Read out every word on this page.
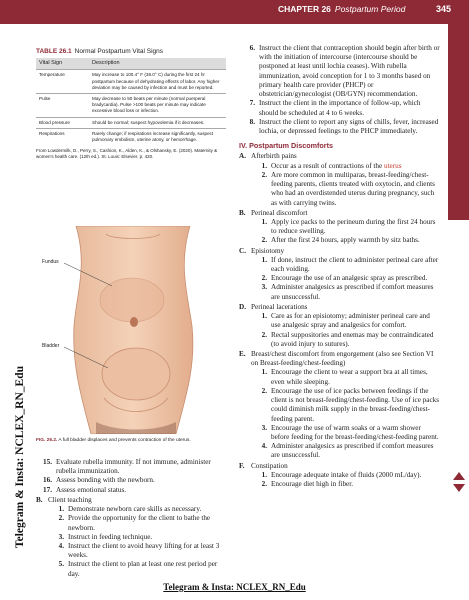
CHAPTER 26 Postpartum Period	345
Maternity
TABLE 26.1 Normal Postpartum Vital Signs
Vital Sign	Description
Temperature	May increase to 100.4° F (38.0° C) during the first 24 hr postpartum because of dehydrating effects of labor. Any higher deviation may be caused by infection and must be reported.
Pulse	May decrease to 50 beats per minute (normal puerperal bradycardia). Pulse >100 beats per minute may indicate excessive blood loss or infection.
Blood pressure	Should be normal; suspect hypovolemia if it decreases.
Respirations	Rarely change; if respirations increase significantly, suspect pulmonary embolism, uterine atony, or hemorrhage.
From Lowdermilk, D., Perry, S., Cashion, K., Alden, K., & Olshansky, E. (2020). Maternity & women's health care. (12th ed.). St. Louis: Elsevier. p. 420.
Fundus
Bladder
FIG. 26.2. A full bladder displaces and prevents contraction of the uterus.
15. Evaluate rubella immunity. If not immune, administer rubella immunization.
16. Assess bonding with the newborn.
17. Assess emotional status.
B. Client teaching
1. Demonstrate newborn care skills as necessary.
2. Provide the opportunity for the client to bathe the newborn.
3. Instruct in feeding technique.
4. Instruct the client to avoid heavy lifting for at least 3 weeks.
5. Instruct the client to plan at least one rest period per day.
6. Instruct the client that contraception should begin after birth or with the initiation of intercourse (intercourse should be postponed at least until lochia ceases). With rubella immunization, avoid conception for 1 to 3 months based on primary health care provider (PHCP) or obstetrician/gynecologist (OB/GYN) recommendation.
7. Instruct the client in the importance of follow-up, which should be scheduled at 4 to 6 weeks.
8. Instruct the client to report any signs of chills, fever, increased lochia, or depressed feelings to the PHCP immediately.
IV. Postpartum Discomforts
A. Afterbirth pains
1. Occur as a result of contractions of the uterus
2. Are more common in multiparas, breast-feeding/chest-feeding parents, clients treated with oxytocin, and clients who had an overdistended uterus during pregnancy, such as with carrying twins.
B. Perineal discomfort
1. Apply ice packs to the perineum during the first 24 hours to reduce swelling.
2. After the first 24 hours, apply warmth by sitz baths.
C. Episiotomy
1. If done, instruct the client to administer perineal care after each voiding.
2. Encourage the use of an analgesic spray as prescribed.
3. Administer analgesics as prescribed if comfort measures are unsuccessful.
D. Perineal lacerations
1. Care as for an episiotomy; administer perineal care and use analgesic spray and analgesics for comfort.
2. Rectal suppositories and enemas may be contraindicated (to avoid injury to sutures).
E. Breast/chest discomfort from engorgement (also see Section VI on Breast-feeding/chest-feeding)
1. Encourage the client to wear a support bra at all times, even while sleeping.
2. Encourage the use of ice packs between feedings if the client is not breast-feeding/chest-feeding. Use of ice packs could diminish milk supply in the breast-feeding/chest-feeding parent.
3. Encourage the use of warm soaks or a warm shower before feeding for the breast-feeding/chest-feeding parent.
4. Administer analgesics as prescribed if comfort measures are unsuccessful.
F. Constipation
1. Encourage adequate intake of fluids (2000 mL/day).
2. Encourage diet high in fiber.
Telegram & Insta: NCLEX_RN_Edu
Telegram & Insta: NCLEX_RN_Edu
